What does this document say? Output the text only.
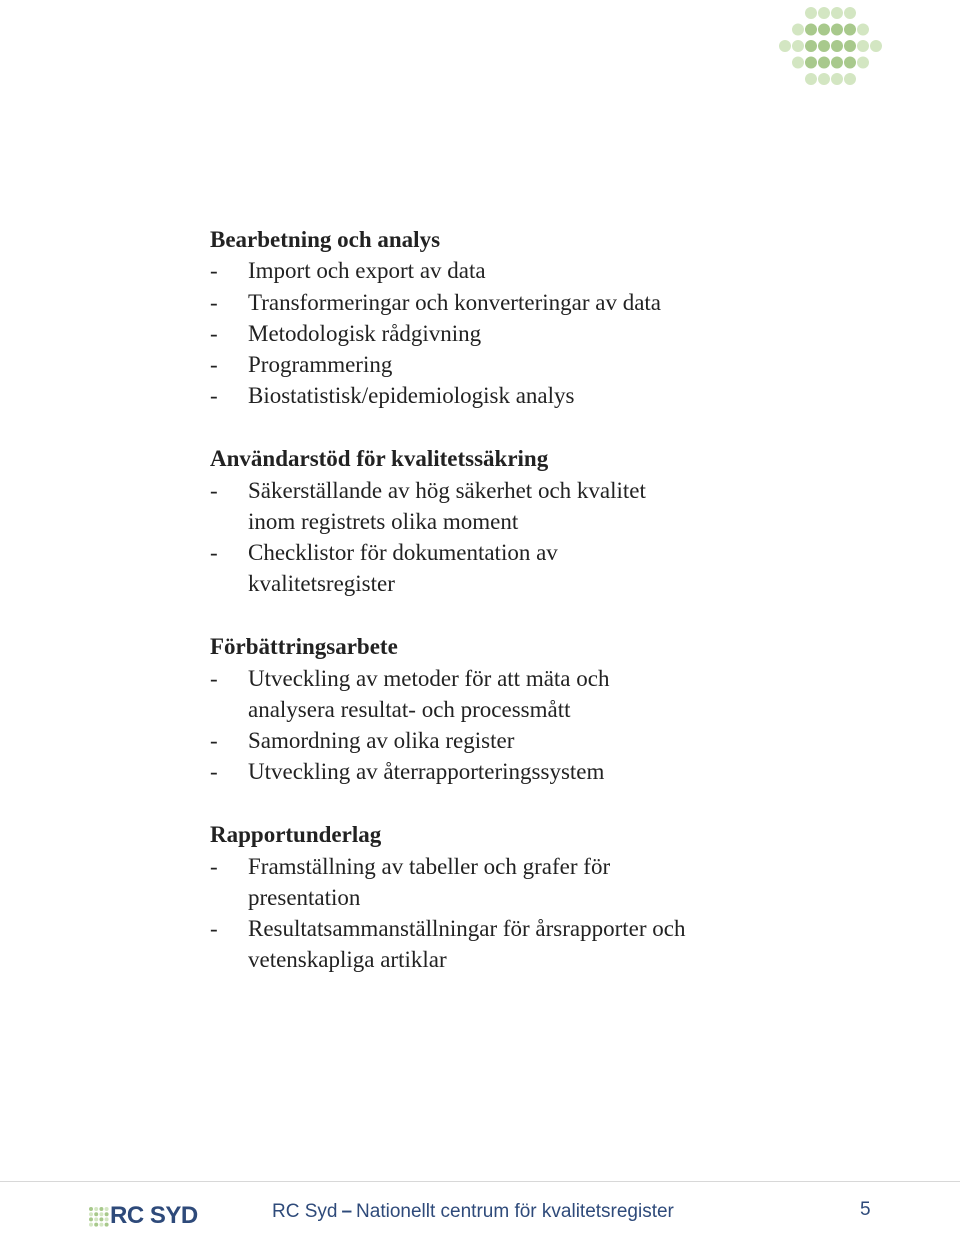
Bearbetning och analys
- Import och export av data
- Transformeringar och konverteringar av data
- Metodologisk rådgivning
- Programmering
- Biostatistisk/epidemiologisk analys
Användarstöd för kvalitetssäkring
- Säkerställande av hög säkerhet och kvalitet
inom registrets olika moment
- Checklistor för dokumentation av
kvalitetsregister
Förbättringsarbete
- Utveckling av metoder för att mäta och
analysera resultat- och processmått
- Samordning av olika register
- Utveckling av återrapporteringssystem
Rapportunderlag
- Framställning av tabeller och grafer för
presentation
- Resultatsammanställningar för årsrapporter och
vetenskapliga artiklar
RC SYD	RC Syd – Nationellt centrum för kvalitetsregister	5
